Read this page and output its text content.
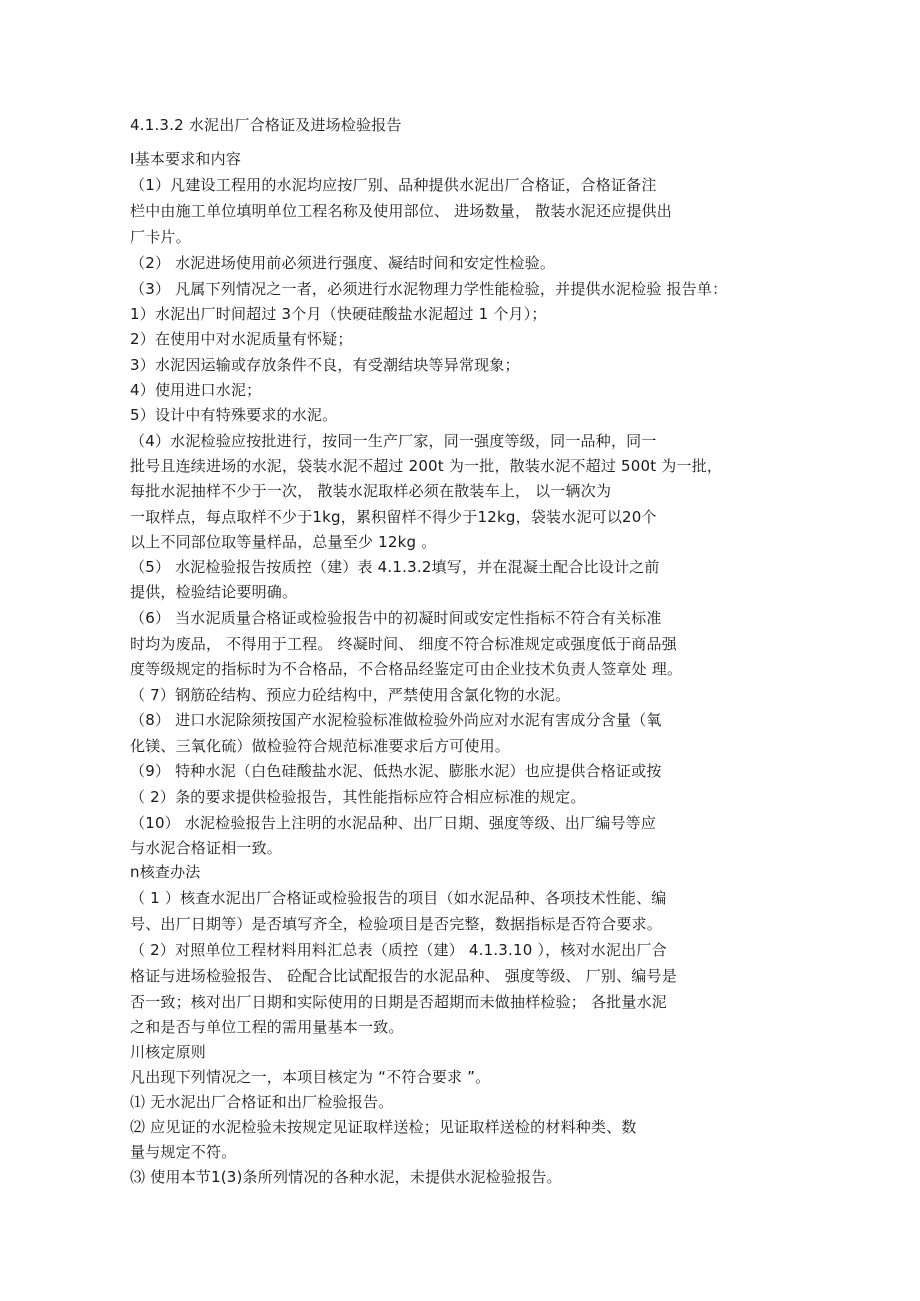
4.1.3.2 水泥出厂合格证及进场检验报告
I基本要求和内容
（1）凡建设工程用的水泥均应按厂别、品种提供水泥出厂合格证，合格证备注
栏中由施工单位填明单位工程名称及使用部位、 进场数量， 散装水泥还应提供出
厂卡片。
（2） 水泥进场使用前必须进行强度、凝结时间和安定性检验。
（3） 凡属下列情况之一者，必须进行水泥物理力学性能检验，并提供水泥检验 报告单：
1）水泥出厂时间超过 3个月（快硬硅酸盐水泥超过 1 个月）；
2）在使用中对水泥质量有怀疑；
3）水泥因运输或存放条件不良，有受潮结块等异常现象；
4）使用进口水泥；
5）设计中有特殊要求的水泥。
（4）水泥检验应按批进行，按同一生产厂家，同一强度等级，同一品种，同一
批号且连续进场的水泥，袋装水泥不超过 200t 为一批，散装水泥不超过 500t 为一批，
每批水泥抽样不少于一次， 散装水泥取样必须在散装车上， 以一辆次为
一取样点，每点取样不少于1kg，累积留样不得少于12kg，袋装水泥可以20个
以上不同部位取等量样品，总量至少 12kg 。
（5） 水泥检验报告按质控（建）表 4.1.3.2填写，并在混凝土配合比设计之前
提供，检验结论要明确。
（6） 当水泥质量合格证或检验报告中的初凝时间或安定性指标不符合有关标准
时均为废品， 不得用于工程。 终凝时间、 细度不符合标准规定或强度低于商品强
度等级规定的指标时为不合格品，不合格品经鉴定可由企业技术负责人签章处 理。
（ 7）钢筋砼结构、预应力砼结构中，严禁使用含氯化物的水泥。
（8） 进口水泥除须按国产水泥检验标准做检验外尚应对水泥有害成分含量（氧
化镁、三氧化硫）做检验符合规范标准要求后方可使用。
（9） 特种水泥（白色硅酸盐水泥、低热水泥、膨胀水泥）也应提供合格证或按
（ 2）条的要求提供检验报告，其性能指标应符合相应标准的规定。
（10） 水泥检验报告上注明的水泥品种、出厂日期、强度等级、出厂编号等应
与水泥合格证相一致。
n核查办法
（ 1 ）核查水泥出厂合格证或检验报告的项目（如水泥品种、各项技术性能、编
号、出厂日期等）是否填写齐全，检验项目是否完整，数据指标是否符合要求。
（ 2）对照单位工程材料用料汇总表（质控（建） 4.1.3.10 ），核对水泥出厂合
格证与进场检验报告、 砼配合比试配报告的水泥品种、 强度等级、 厂别、编号是
否一致；核对出厂日期和实际使用的日期是否超期而未做抽样检验； 各批量水泥
之和是否与单位工程的需用量基本一致。
川核定原则
凡出现下列情况之一，本项目核定为 “不符合要求 ”。
⑴ 无水泥出厂合格证和出厂检验报告。
⑵ 应见证的水泥检验未按规定见证取样送检；见证取样送检的材料种类、数
量与规定不符。
⑶ 使用本节1(3)条所列情况的各种水泥，未提供水泥检验报告。
